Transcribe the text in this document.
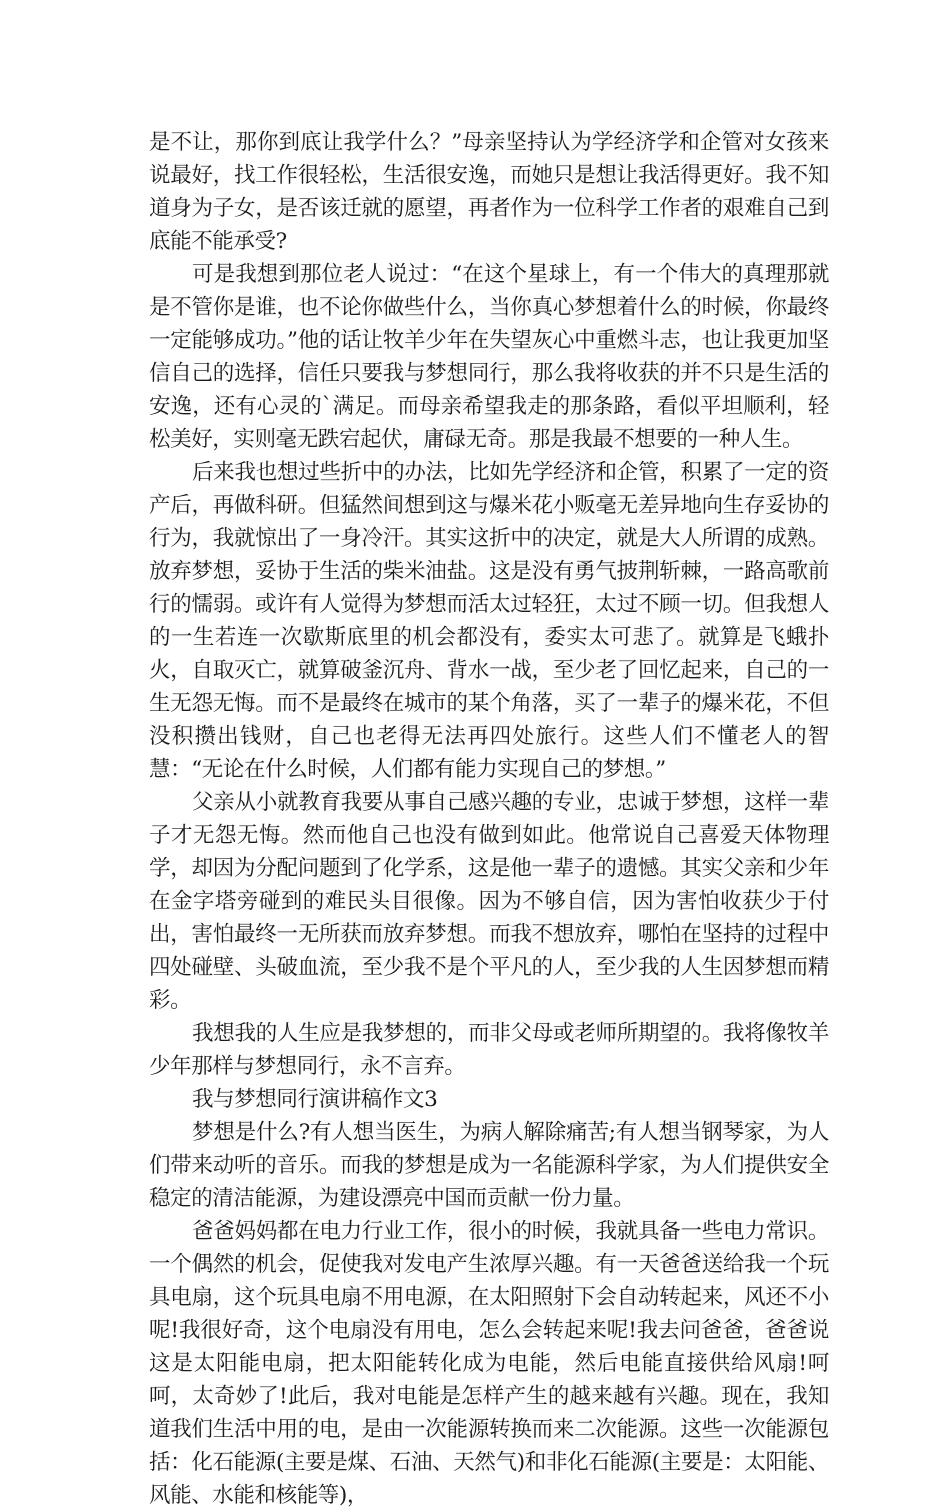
是不让，那你到底让我学什么？”母亲坚持认为学经济学和企管对女孩来说最好，找工作很轻松，生活很安逸，而她只是想让我活得更好。我不知道身为子女，是否该迁就的愿望，再者作为一位科学工作者的艰难自己到底能不能承受?

可是我想到那位老人说过：“在这个星球上，有一个伟大的真理那就是不管你是谁，也不论你做些什么，当你真心梦想着什么的时候，你最终一定能够成功。”他的话让牧羊少年在失望灰心中重燃斗志，也让我更加坚信自己的选择，信任只要我与梦想同行，那么我将收获的并不只是生活的安逸，还有心灵的`满足。而母亲希望我走的那条路，看似平坦顺利，轻松美好，实则毫无跌宕起伏，庸碌无奇。那是我最不想要的一种人生。

后来我也想过些折中的办法，比如先学经济和企管，积累了一定的资产后，再做科研。但猛然间想到这与爆米花小贩毫无差异地向生存妥协的行为，我就惊出了一身冷汗。其实这折中的决定，就是大人所谓的成熟。放弃梦想，妥协于生活的柴米油盐。这是没有勇气披荆斩棘，一路高歌前行的懦弱。或许有人觉得为梦想而活太过轻狂，太过不顾一切。但我想人的一生若连一次歇斯底里的机会都没有，委实太可悲了。就算是飞蛾扑火，自取灭亡，就算破釜沉舟、背水一战，至少老了回忆起来，自己的一生无怨无悔。而不是最终在城市的某个角落，买了一辈子的爆米花，不但没积攒出钱财，自己也老得无法再四处旅行。这些人们不懂老人的智慧：“无论在什么时候，人们都有能力实现自己的梦想。”

父亲从小就教育我要从事自己感兴趣的专业，忠诚于梦想，这样一辈子才无怨无悔。然而他自己也没有做到如此。他常说自己喜爱天体物理学，却因为分配问题到了化学系，这是他一辈子的遗憾。其实父亲和少年在金字塔旁碰到的难民头目很像。因为不够自信，因为害怕收获少于付出，害怕最终一无所获而放弃梦想。而我不想放弃，哪怕在坚持的过程中四处碰壁、头破血流，至少我不是个平凡的人，至少我的人生因梦想而精彩。

我想我的人生应是我梦想的，而非父母或老师所期望的。我将像牧羊少年那样与梦想同行，永不言弃。

我与梦想同行演讲稿作文3

梦想是什么?有人想当医生，为病人解除痛苦;有人想当钢琴家，为人们带来动听的音乐。而我的梦想是成为一名能源科学家，为人们提供安全稳定的清洁能源，为建设漂亮中国而贡献一份力量。

爸爸妈妈都在电力行业工作，很小的时候，我就具备一些电力常识。一个偶然的机会，促使我对发电产生浓厚兴趣。有一天爸爸送给我一个玩具电扇，这个玩具电扇不用电源，在太阳照射下会自动转起来，风还不小呢!我很好奇，这个电扇没有用电，怎么会转起来呢!我去问爸爸，爸爸说这是太阳能电扇，把太阳能转化成为电能，然后电能直接供给风扇!呵呵，太奇妙了!此后，我对电能是怎样产生的越来越有兴趣。现在，我知道我们生活中用的电，是由一次能源转换而来二次能源。这些一次能源包括：化石能源(主要是煤、石油、天然气)和非化石能源(主要是：太阳能、风能、水能和核能等)，
